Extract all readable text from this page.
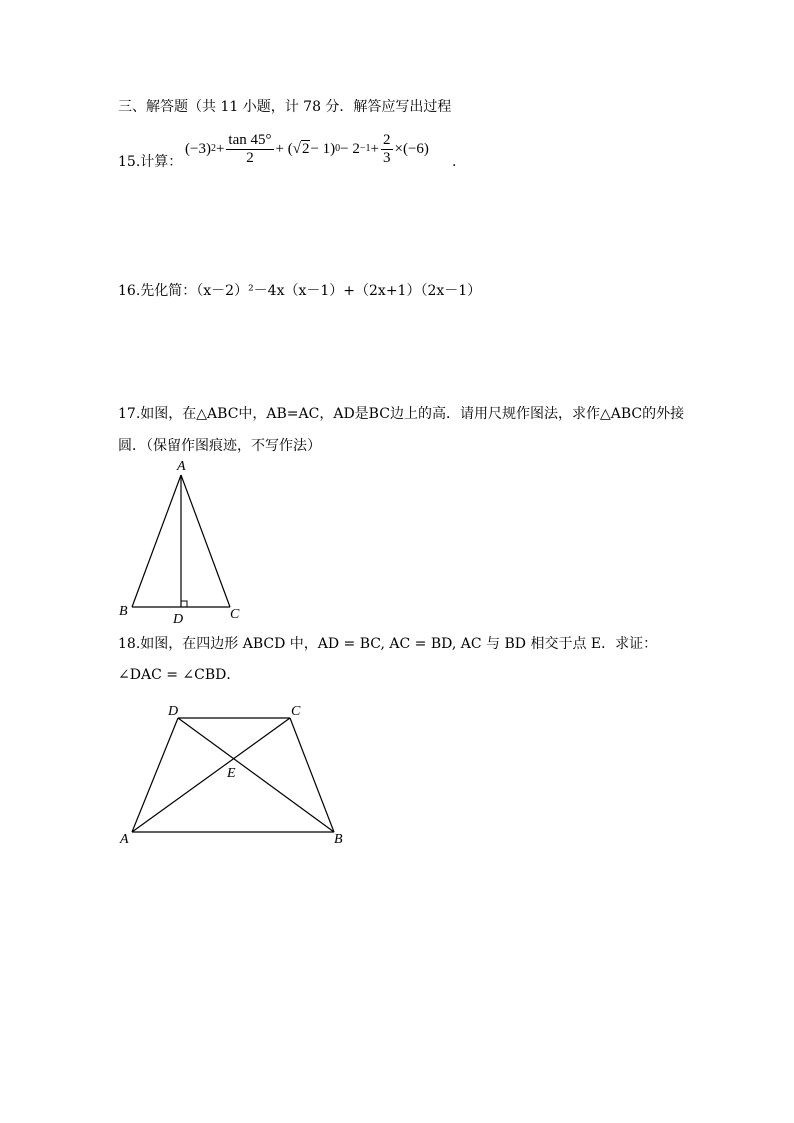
三、解答题（共 11 小题，计 78 分．解答应写出过程
15.计算：
(−3) $2 + \frac{\tan 45^\circ}{2}$ + ( √ 2 − 1) $0 - 2 -1 + \frac{2}{3} \times(-6)$
.
16.先化简：（x－2）²－4x（x－1）+（2x+1）（2x－1）
17.如图，在△ABC中，AB=AC，AD是BC边上的高．请用尺规作图法，求作△ABC的外接
圆．（保留作图痕迹，不写作法）
A
B	C
D
18.如图，在四边形 ABCD 中，AD = BC, AC = BD, AC 与 BD 相交于点 E．求证：
∠DAC = ∠CBD．
D	C
E
A	B
